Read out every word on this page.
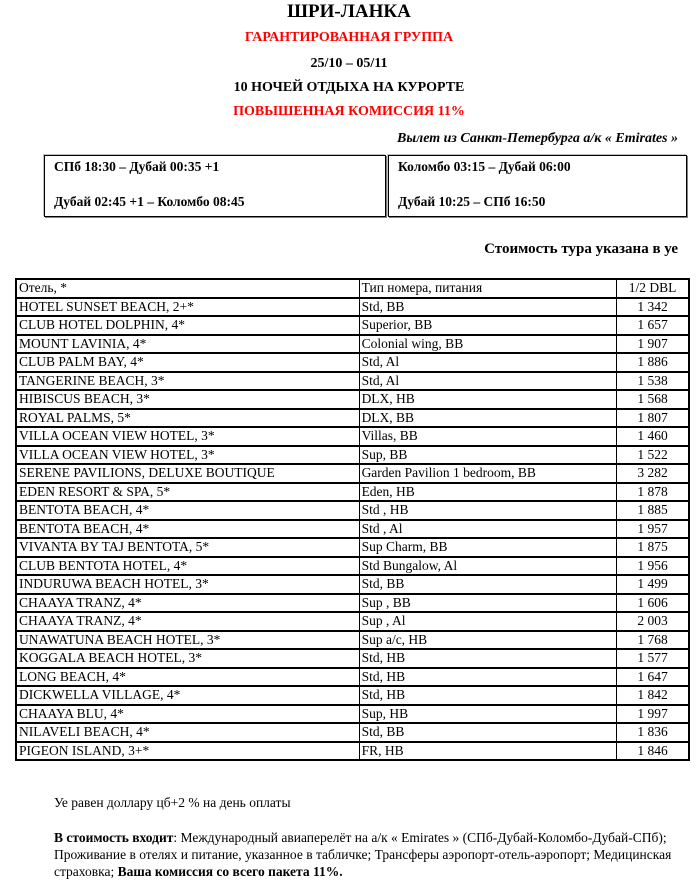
ШРИ-ЛАНКА
ГАРАНТИРОВАННАЯ ГРУППА
25/10 – 05/11
10 НОЧЕЙ ОТДЫХА НА КУРОРТЕ
ПОВЫШЕННАЯ КОМИССИЯ 11%
Вылет из Санкт-Петербурга а/к « Emirates »
СПб 18:30 – Дубай 00:35 +1
Дубай 02:45 +1 – Коломбо 08:45
Коломбо 03:15 – Дубай 06:00
Дубай 10:25 – СПб 16:50
Стоимость тура указана в уе
Отель, *	Тип номера, питания	1/2 DBL
HOTEL SUNSET BEACH, 2+*	Std, BB	1 342
CLUB HOTEL DOLPHIN, 4*	Superior, BB	1 657
MOUNT LAVINIA, 4*	Colonial wing, BB	1 907
CLUB PALM BAY, 4*	Std, Al	1 886
TANGERINE BEACH, 3*	Std, Al	1 538
HIBISCUS BEACH, 3*	DLX, HB	1 568
ROYAL PALMS, 5*	DLX, BB	1 807
VILLA OCEAN VIEW HOTEL, 3*	Villas, BB	1 460
VILLA OCEAN VIEW HOTEL, 3*	Sup, BB	1 522
SERENE PAVILIONS, DELUXE BOUTIQUE	Garden Pavilion 1 bedroom, BB	3 282
EDEN RESORT & SPA, 5*	Eden, HB	1 878
BENTOTA BEACH, 4*	Std , HB	1 885
BENTOTA BEACH, 4*	Std , Al	1 957
VIVANTA BY TAJ BENTOTA, 5*	Sup Charm, BB	1 875
CLUB BENTOTA HOTEL, 4*	Std Bungalow, Al	1 956
INDURUWA BEACH HOTEL, 3*	Std, BB	1 499
CHAAYA TRANZ, 4*	Sup , BB	1 606
CHAAYA TRANZ, 4*	Sup , Al	2 003
UNAWATUNA BEACH HOTEL, 3*	Sup a/c, HB	1 768
KOGGALA BEACH HOTEL, 3*	Std, HB	1 577
LONG BEACH, 4*	Std, HB	1 647
DICKWELLA VILLAGE, 4*	Std, HB	1 842
CHAAYA BLU, 4*	Sup, HB	1 997
NILAVELI BEACH, 4*	Std, BB	1 836
PIGEON ISLAND, 3+*	FR, HB	1 846
Уе равен доллару цб+2 % на день оплаты
В стоимость входит: Международный авиаперелёт на а/к « Emirates » (СПб-Дубай-Коломбо-Дубай-СПб); Проживание в отелях и питание, указанное в табличке; Трансферы аэропорт-отель-аэропорт; Медицинская страховка; Ваша комиссия со всего пакета 11%.
